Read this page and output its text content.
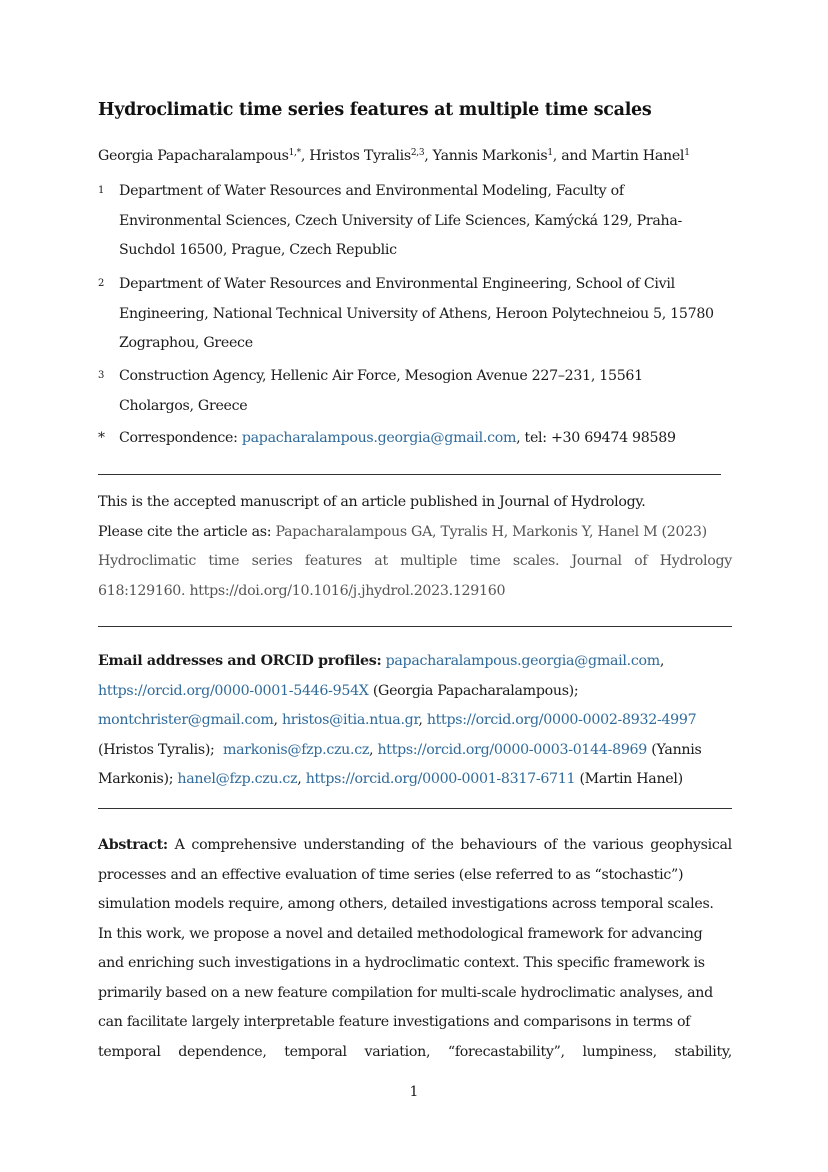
Hydroclimatic time series features at multiple time scales
Georgia Papacharalampous$^{1,*}$, Hristos Tyralis$^{2,3}$, Yannis Markonis$^1$, and Martin Hanel$^1$
1 Department of Water Resources and Environmental Modeling, Faculty of
Environmental Sciences, Czech University of Life Sciences, Kamýcká 129, Praha-
Suchdol 16500, Prague, Czech Republic
2 Department of Water Resources and Environmental Engineering, School of Civil
Engineering, National Technical University of Athens, Heroon Polytechneiou 5, 15780
Zographou, Greece
3 Construction Agency, Hellenic Air Force, Mesogion Avenue 227–231, 15561
Cholargos, Greece
* Correspondence: papacharalampous.georgia@gmail.com, tel: +30 69474 98589
This is the accepted manuscript of an article published in Journal of Hydrology.
Please cite the article as: Papacharalampous GA, Tyralis H, Markonis Y, Hanel M (2023)
Hydroclimatic time series features at multiple time scales. Journal of Hydrology
618:129160. https://doi.org/10.1016/j.jhydrol.2023.129160
Email addresses and ORCID profiles: papacharalampous.georgia@gmail.com,
https://orcid.org/0000-0001-5446-954X (Georgia Papacharalampous);
montchrister@gmail.com, hristos@itia.ntua.gr, https://orcid.org/0000-0002-8932-4997
(Hristos Tyralis); markonis@fzp.czu.cz, https://orcid.org/0000-0003-0144-8969 (Yannis
Markonis); hanel@fzp.czu.cz, https://orcid.org/0000-0001-8317-6711 (Martin Hanel)
Abstract: A comprehensive understanding of the behaviours of the various geophysical
processes and an effective evaluation of time series (else referred to as “stochastic”)
simulation models require, among others, detailed investigations across temporal scales.
In this work, we propose a novel and detailed methodological framework for advancing
and enriching such investigations in a hydroclimatic context. This specific framework is
primarily based on a new feature compilation for multi-scale hydroclimatic analyses, and
can facilitate largely interpretable feature investigations and comparisons in terms of
temporal dependence, temporal variation, “forecastability”, lumpiness, stability,
1
